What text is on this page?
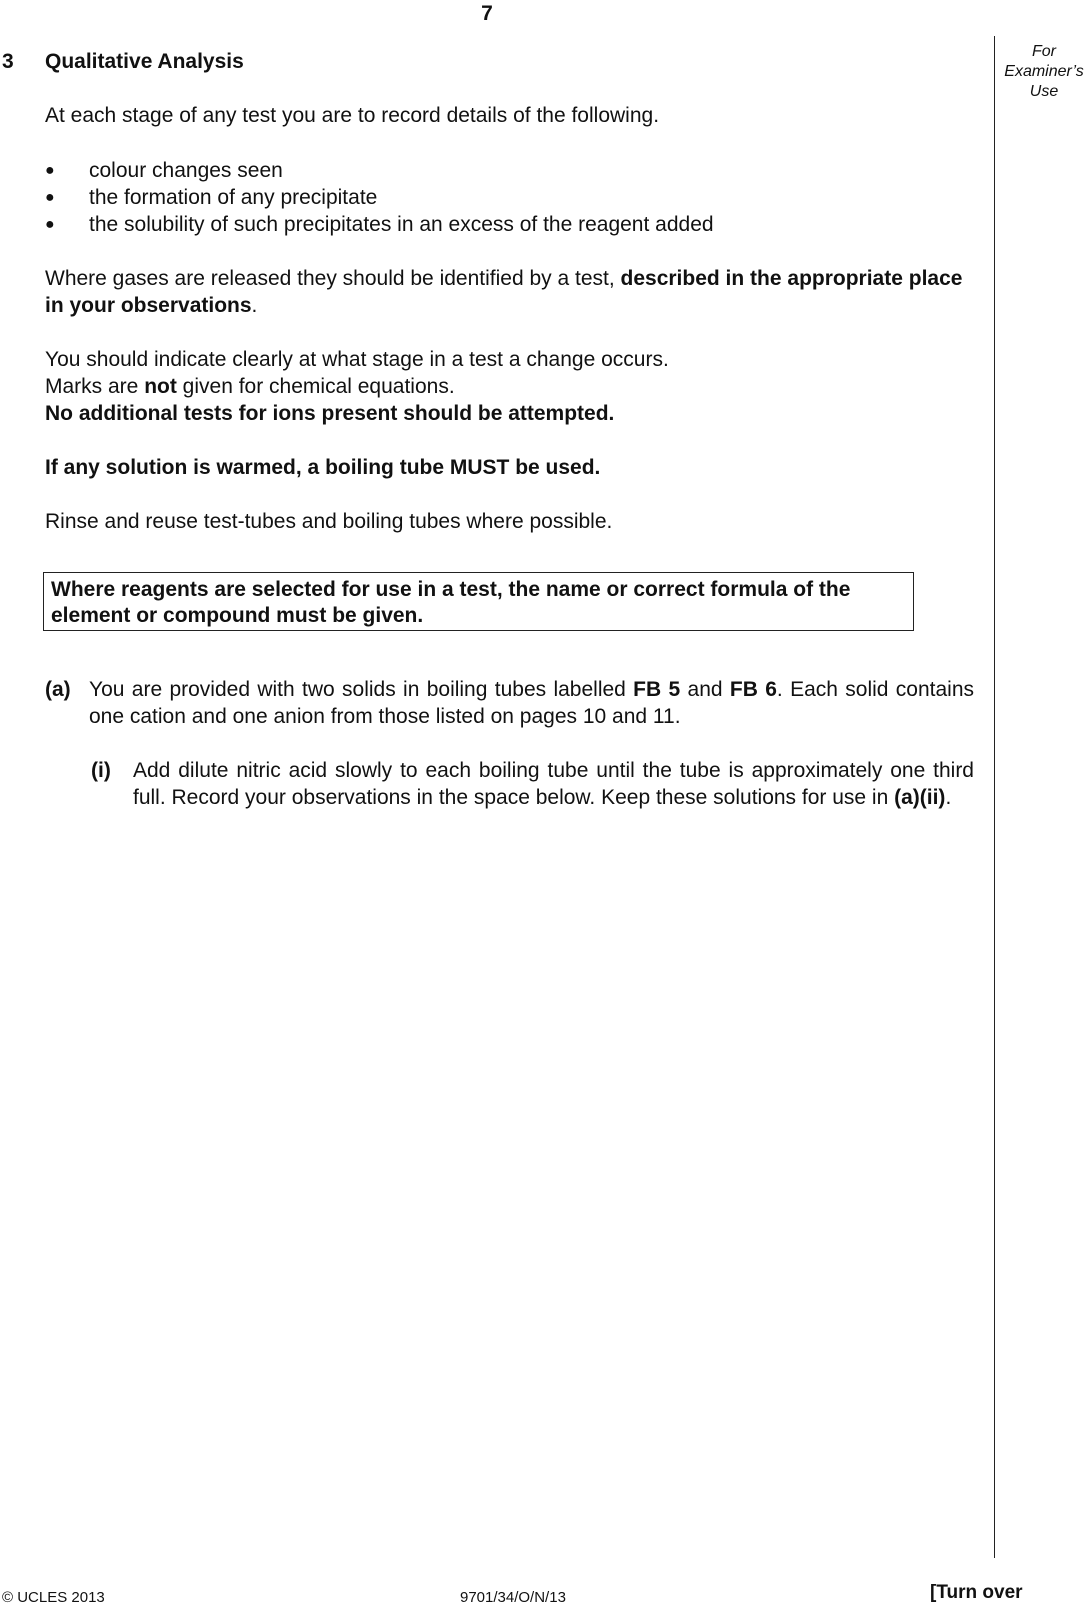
7
For
Examiner’s
Use
3 Qualitative Analysis
At each stage of any test you are to record details of the following.
● colour changes seen
● the formation of any precipitate
● the solubility of such precipitates in an excess of the reagent added
Where gases are released they should be identified by a test, described in the appropriate place in your observations.
You should indicate clearly at what stage in a test a change occurs.
Marks are not given for chemical equations.
No additional tests for ions present should be attempted.
If any solution is warmed, a boiling tube MUST be used.
Rinse and reuse test-tubes and boiling tubes where possible.
Where reagents are selected for use in a test, the name or correct formula of the element or compound must be given.
(a) You are provided with two solids in boiling tubes labelled FB 5 and FB 6. Each solid contains one cation and one anion from those listed on pages 10 and 11.
(i) Add dilute nitric acid slowly to each boiling tube until the tube is approximately one third full. Record your observations in the space below. Keep these solutions for use in (a)(ii).
© UCLES 2013	9701/34/O/N/13	[Turn over
